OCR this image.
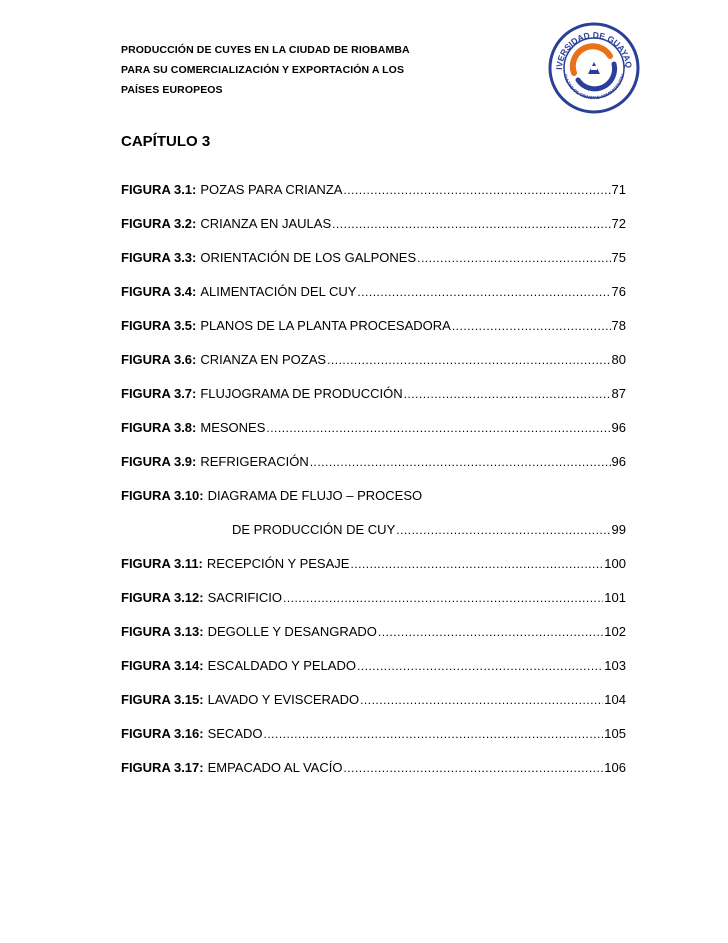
PRODUCCIÓN DE CUYES EN LA CIUDAD DE RIOBAMBA
PARA SU COMERCIALIZACIÓN Y EXPORTACIÓN A LOS
PAÍSES EUROPEOS
IVERSIDAD DE GUAYAQ
CULTAD DE CIENCIAS ADMINISTRATIV
CAPÍTULO 3
FIGURA 3.1: POZAS PARA CRIANZA .....	71
FIGURA 3.2: CRIANZA EN JAULAS .....	72
FIGURA 3.3: ORIENTACIÓN DE LOS GALPONES .....	75
FIGURA 3.4: ALIMENTACIÓN DEL CUY .....	76
FIGURA 3.5: PLANOS DE LA PLANTA PROCESADORA .....	78
FIGURA 3.6: CRIANZA EN POZAS .....	80
FIGURA 3.7: FLUJOGRAMA DE PRODUCCIÓN .....	87
FIGURA 3.8: MESONES .....	96
FIGURA 3.9: REFRIGERACIÓN .....	96
FIGURA 3.10: DIAGRAMA DE FLUJO – PROCESO
DE PRODUCCIÓN DE CUY .....	99
FIGURA 3.11: RECEPCIÓN Y PESAJE .....	100
FIGURA 3.12: SACRIFICIO .....	101
FIGURA 3.13: DEGOLLE Y DESANGRADO .....	102
FIGURA 3.14: ESCALDADO Y PELADO .....	103
FIGURA 3.15: LAVADO Y EVISCERADO .....	104
FIGURA 3.16: SECADO .....	105
FIGURA 3.17: EMPACADO AL VACÍO .....	106
